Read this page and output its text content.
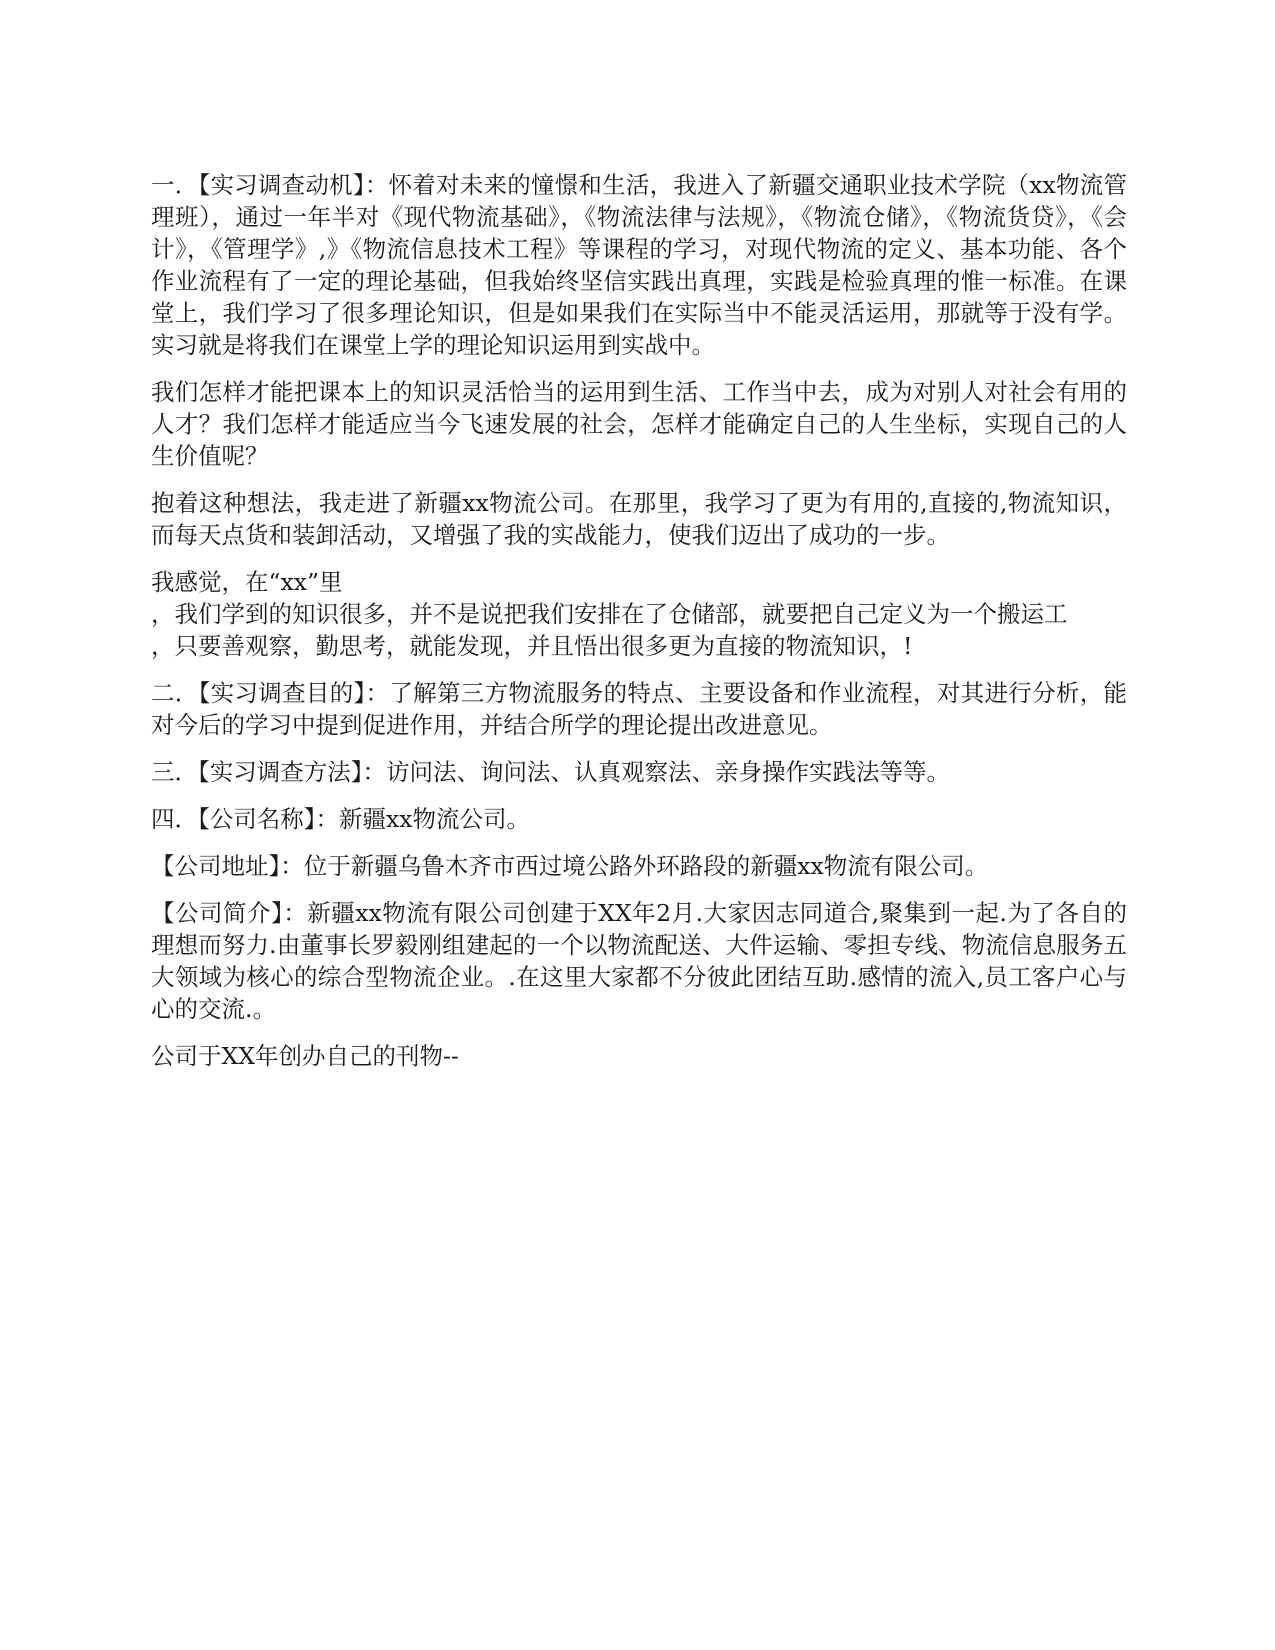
一．【实习调查动机】：怀着对未来的憧憬和生活，我进入了新疆交通职业技术学院（xx物流管理班），通过一年半对《现代物流基础》，《物流法律与法规》，《物流仓储》，《物流货贷》，《会计》，《管理学》,》《物流信息技术工程》等课程的学习，对现代物流的定义、基本功能、各个作业流程有了一定的理论基础，但我始终坚信实践出真理，实践是检验真理的惟一标准。在课堂上，我们学习了很多理论知识，但是如果我们在实际当中不能灵活运用，那就等于没有学。实习就是将我们在课堂上学的理论知识运用到实战中。

我们怎样才能把课本上的知识灵活恰当的运用到生活、工作当中去，成为对别人对社会有用的人才？我们怎样才能适应当今飞速发展的社会，怎样才能确定自己的人生坐标，实现自己的人生价值呢？

抱着这种想法，我走进了新疆xx物流公司。在那里，我学习了更为有用的,直接的,物流知识，而每天点货和装卸活动，又增强了我的实战能力，使我们迈出了成功的一步。

我感觉，在“xx”里
，我们学到的知识很多，并不是说把我们安排在了仓储部，就要把自己定义为一个搬运工
，只要善观察，勤思考，就能发现，并且悟出很多更为直接的物流知识，!

二．【实习调查目的】：了解第三方物流服务的特点、主要设备和作业流程，对其进行分析，能对今后的学习中提到促进作用，并结合所学的理论提出改进意见。

三．【实习调查方法】：访问法、询问法、认真观察法、亲身操作实践法等等。

四．【公司名称】：新疆xx物流公司。

【公司地址】：位于新疆乌鲁木齐市西过境公路外环路段的新疆xx物流有限公司。

【公司简介】：新疆xx物流有限公司创建于XX年2月.大家因志同道合,聚集到一起.为了各自的理想而努力.由董事长罗毅刚组建起的一个以物流配送、大件运输、零担专线、物流信息服务五大领域为核心的综合型物流企业。.在这里大家都不分彼此团结互助.感情的流入,员工客户心与心的交流.。

公司于XX年创办自己的刊物--
